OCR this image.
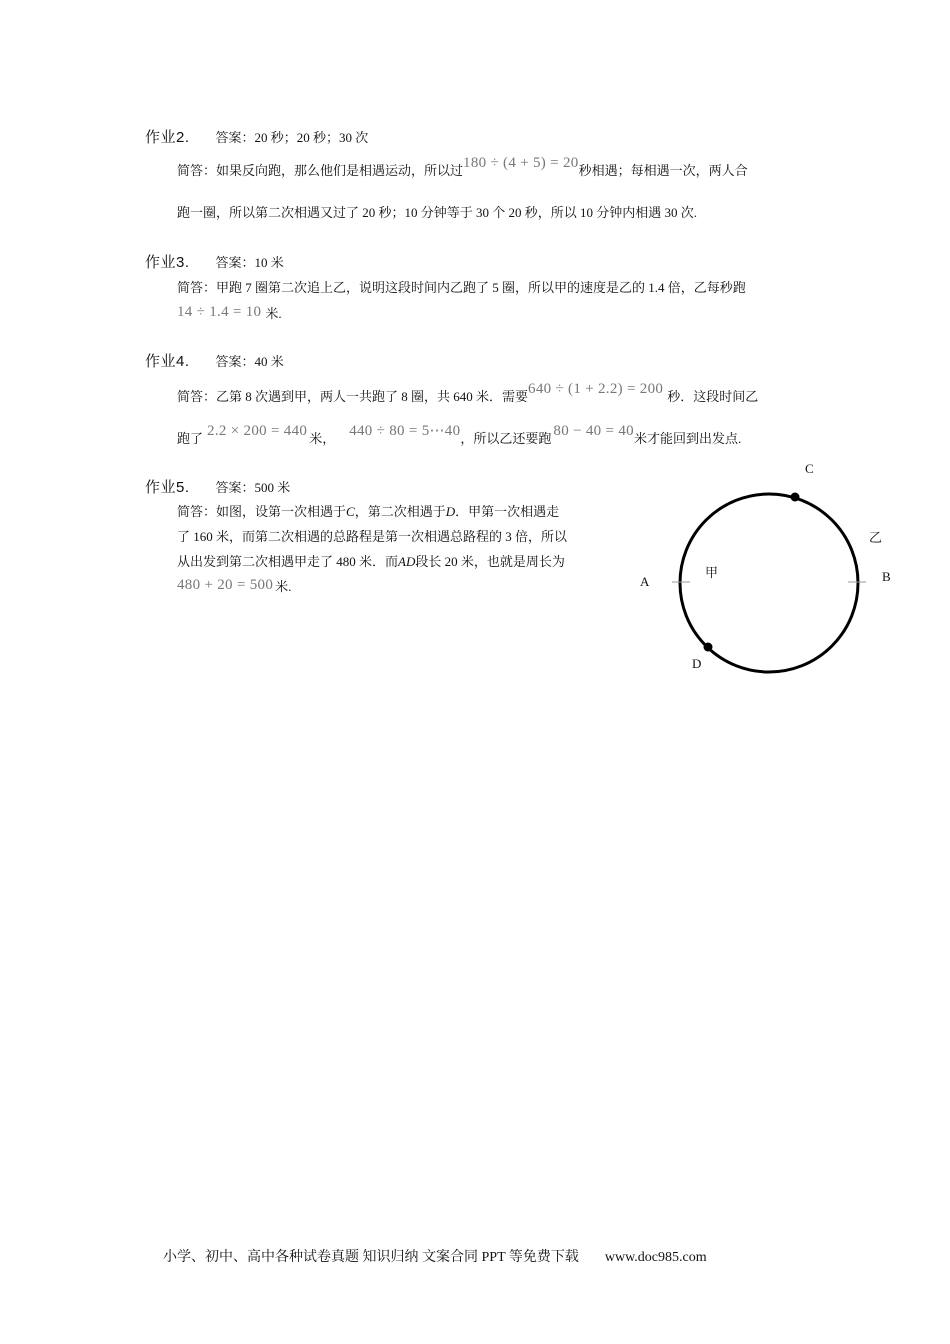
作业2. 答案：20 秒；20 秒；30 次
简答：如果反向跑，那么他们是相遇运动，所以过180 ÷ (4 + 5) = 20秒相遇；每相遇一次，两人合
跑一圈，所以第二次相遇又过了 20 秒；10 分钟等于 30 个 20 秒，所以 10 分钟内相遇 30 次.
作业3. 答案：10 米
简答：甲跑 7 圈第二次追上乙，说明这段时间内乙跑了 5 圈，所以甲的速度是乙的 1.4 倍，乙每秒跑
14 ÷ 1.4 = 10 米.
作业4. 答案：40 米
简答：乙第 8 次遇到甲，两人一共跑了 8 圈，共 640 米．需要640 ÷ (1 + 2.2) = 200 秒．这段时间乙
跑了 2.2 × 200 = 440 米， 440 ÷ 80 = 5⋯40，所以乙还要跑 80 − 40 = 40米才能回到出发点.
作业5. 答案：500 米
简答：如图，设第一次相遇于C，第二次相遇于D．甲第一次相遇走
了 160 米，而第二次相遇的总路程是第一次相遇总路程的 3 倍，所以
从出发到第二次相遇甲走了 480 米．而AD段长 20 米，也就是周长为
480 + 20 = 500 米.
C
D
A	B
甲
乙
小学、初中、高中各种试卷真题 知识归纳 文案合同 PPT 等免费下载 www.doc985.com
